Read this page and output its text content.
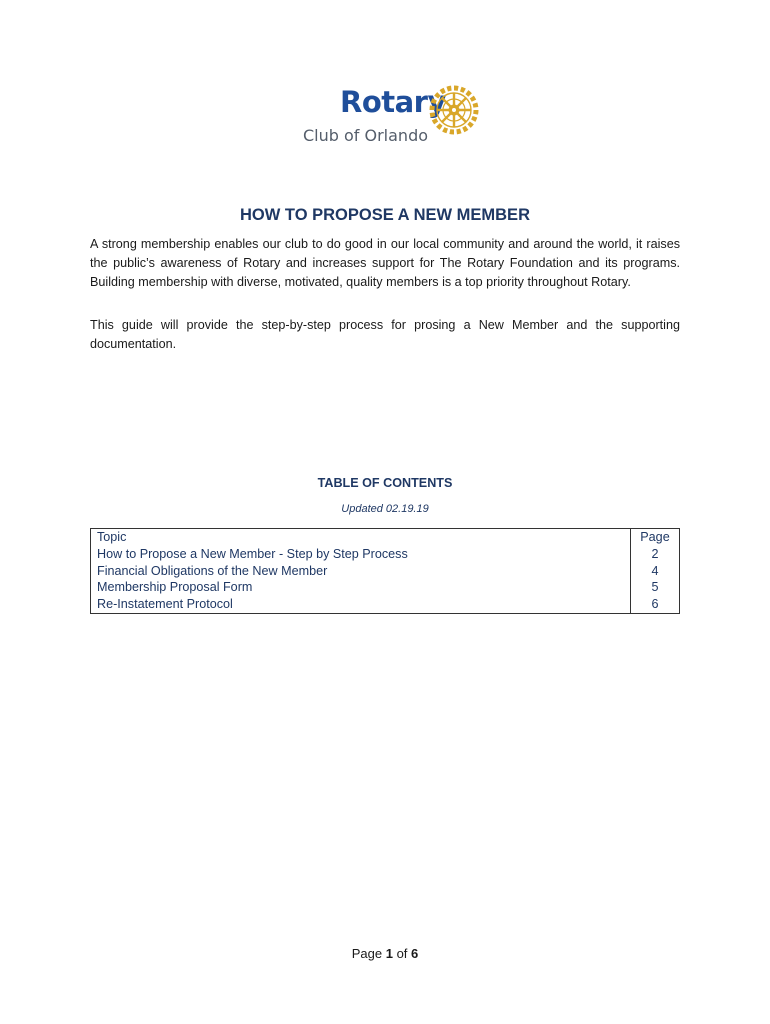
Rotary
Club of Orlando
HOW TO PROPOSE A NEW MEMBER

A strong membership enables our club to do good in our local community and around the world, it raises the public’s awareness of Rotary and increases support for The Rotary Foundation and its programs. Building membership with diverse, motivated, quality members is a top priority throughout Rotary.

This guide will provide the step-by-step process for prosing a New Member and the supporting documentation.

TABLE OF CONTENTS
Updated 02.19.19
Topic	Page
How to Propose a New Member - Step by Step Process	2
Financial Obligations of the New Member	4
Membership Proposal Form	5
Re-Instatement Protocol	6
Page 1 of 6
